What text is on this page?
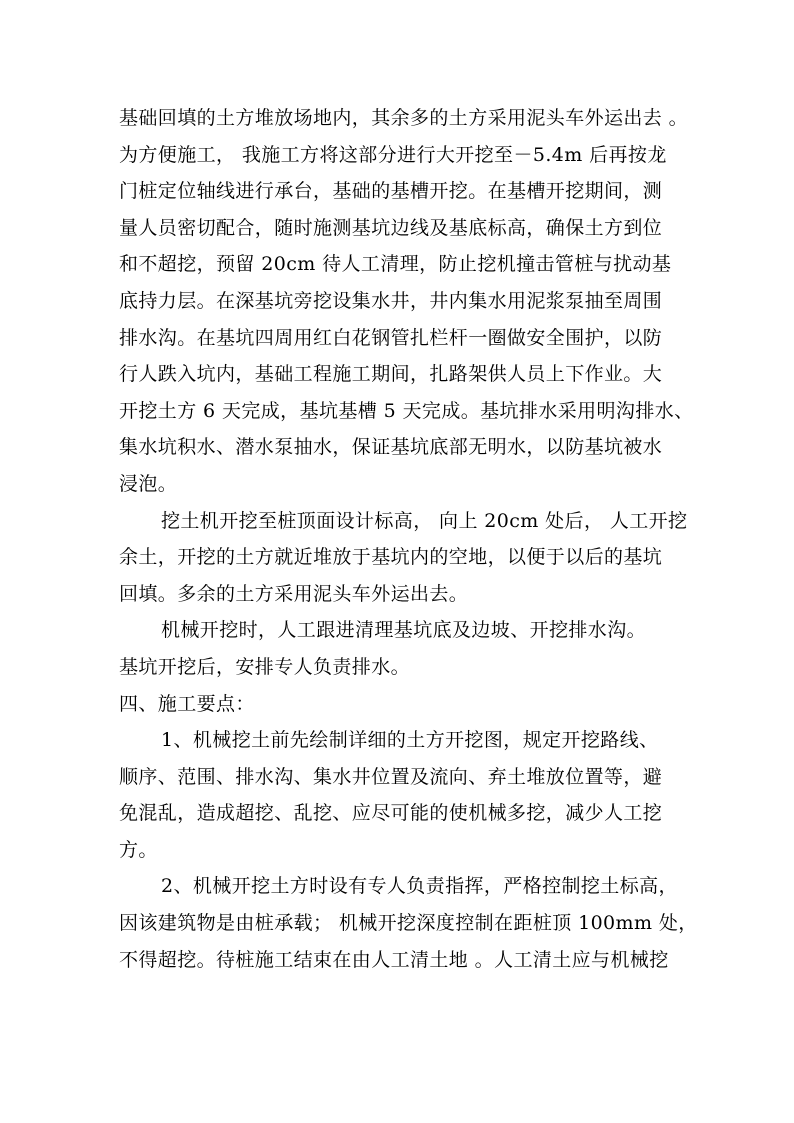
基础回填的土方堆放场地内，其余多的土方采用泥头车外运出去 。
为方便施工， 我施工方将这部分进行大开挖至－5.4m 后再按龙
门桩定位轴线进行承台，基础的基槽开挖。在基槽开挖期间，测
量人员密切配合，随时施测基坑边线及基底标高，确保土方到位
和不超挖，预留 20cm 待人工清理，防止挖机撞击管桩与扰动基
底持力层。在深基坑旁挖设集水井，井内集水用泥浆泵抽至周围
排水沟。在基坑四周用红白花钢管扎栏杆一圈做安全围护，以防
行人跌入坑内，基础工程施工期间，扎路架供人员上下作业。大
开挖土方 6 天完成，基坑基槽 5 天完成。基坑排水采用明沟排水、
集水坑积水、潜水泵抽水，保证基坑底部无明水，以防基坑被水
浸泡。
挖土机开挖至桩顶面设计标高， 向上 20cm 处后， 人工开挖
余土，开挖的土方就近堆放于基坑内的空地，以便于以后的基坑
回填。多余的土方采用泥头车外运出去。
机械开挖时，人工跟进清理基坑底及边坡、开挖排水沟。
基坑开挖后，安排专人负责排水。
四、施工要点：
1、机械挖土前先绘制详细的土方开挖图，规定开挖路线、
顺序、范围、排水沟、集水井位置及流向、弃土堆放位置等，避
免混乱，造成超挖、乱挖、应尽可能的使机械多挖，减少人工挖
方。
2、机械开挖土方时设有专人负责指挥，严格控制挖土标高，
因该建筑物是由桩承载； 机械开挖深度控制在距桩顶 100mm 处，
不得超挖。待桩施工结束在由人工清土地 。人工清土应与机械挖
